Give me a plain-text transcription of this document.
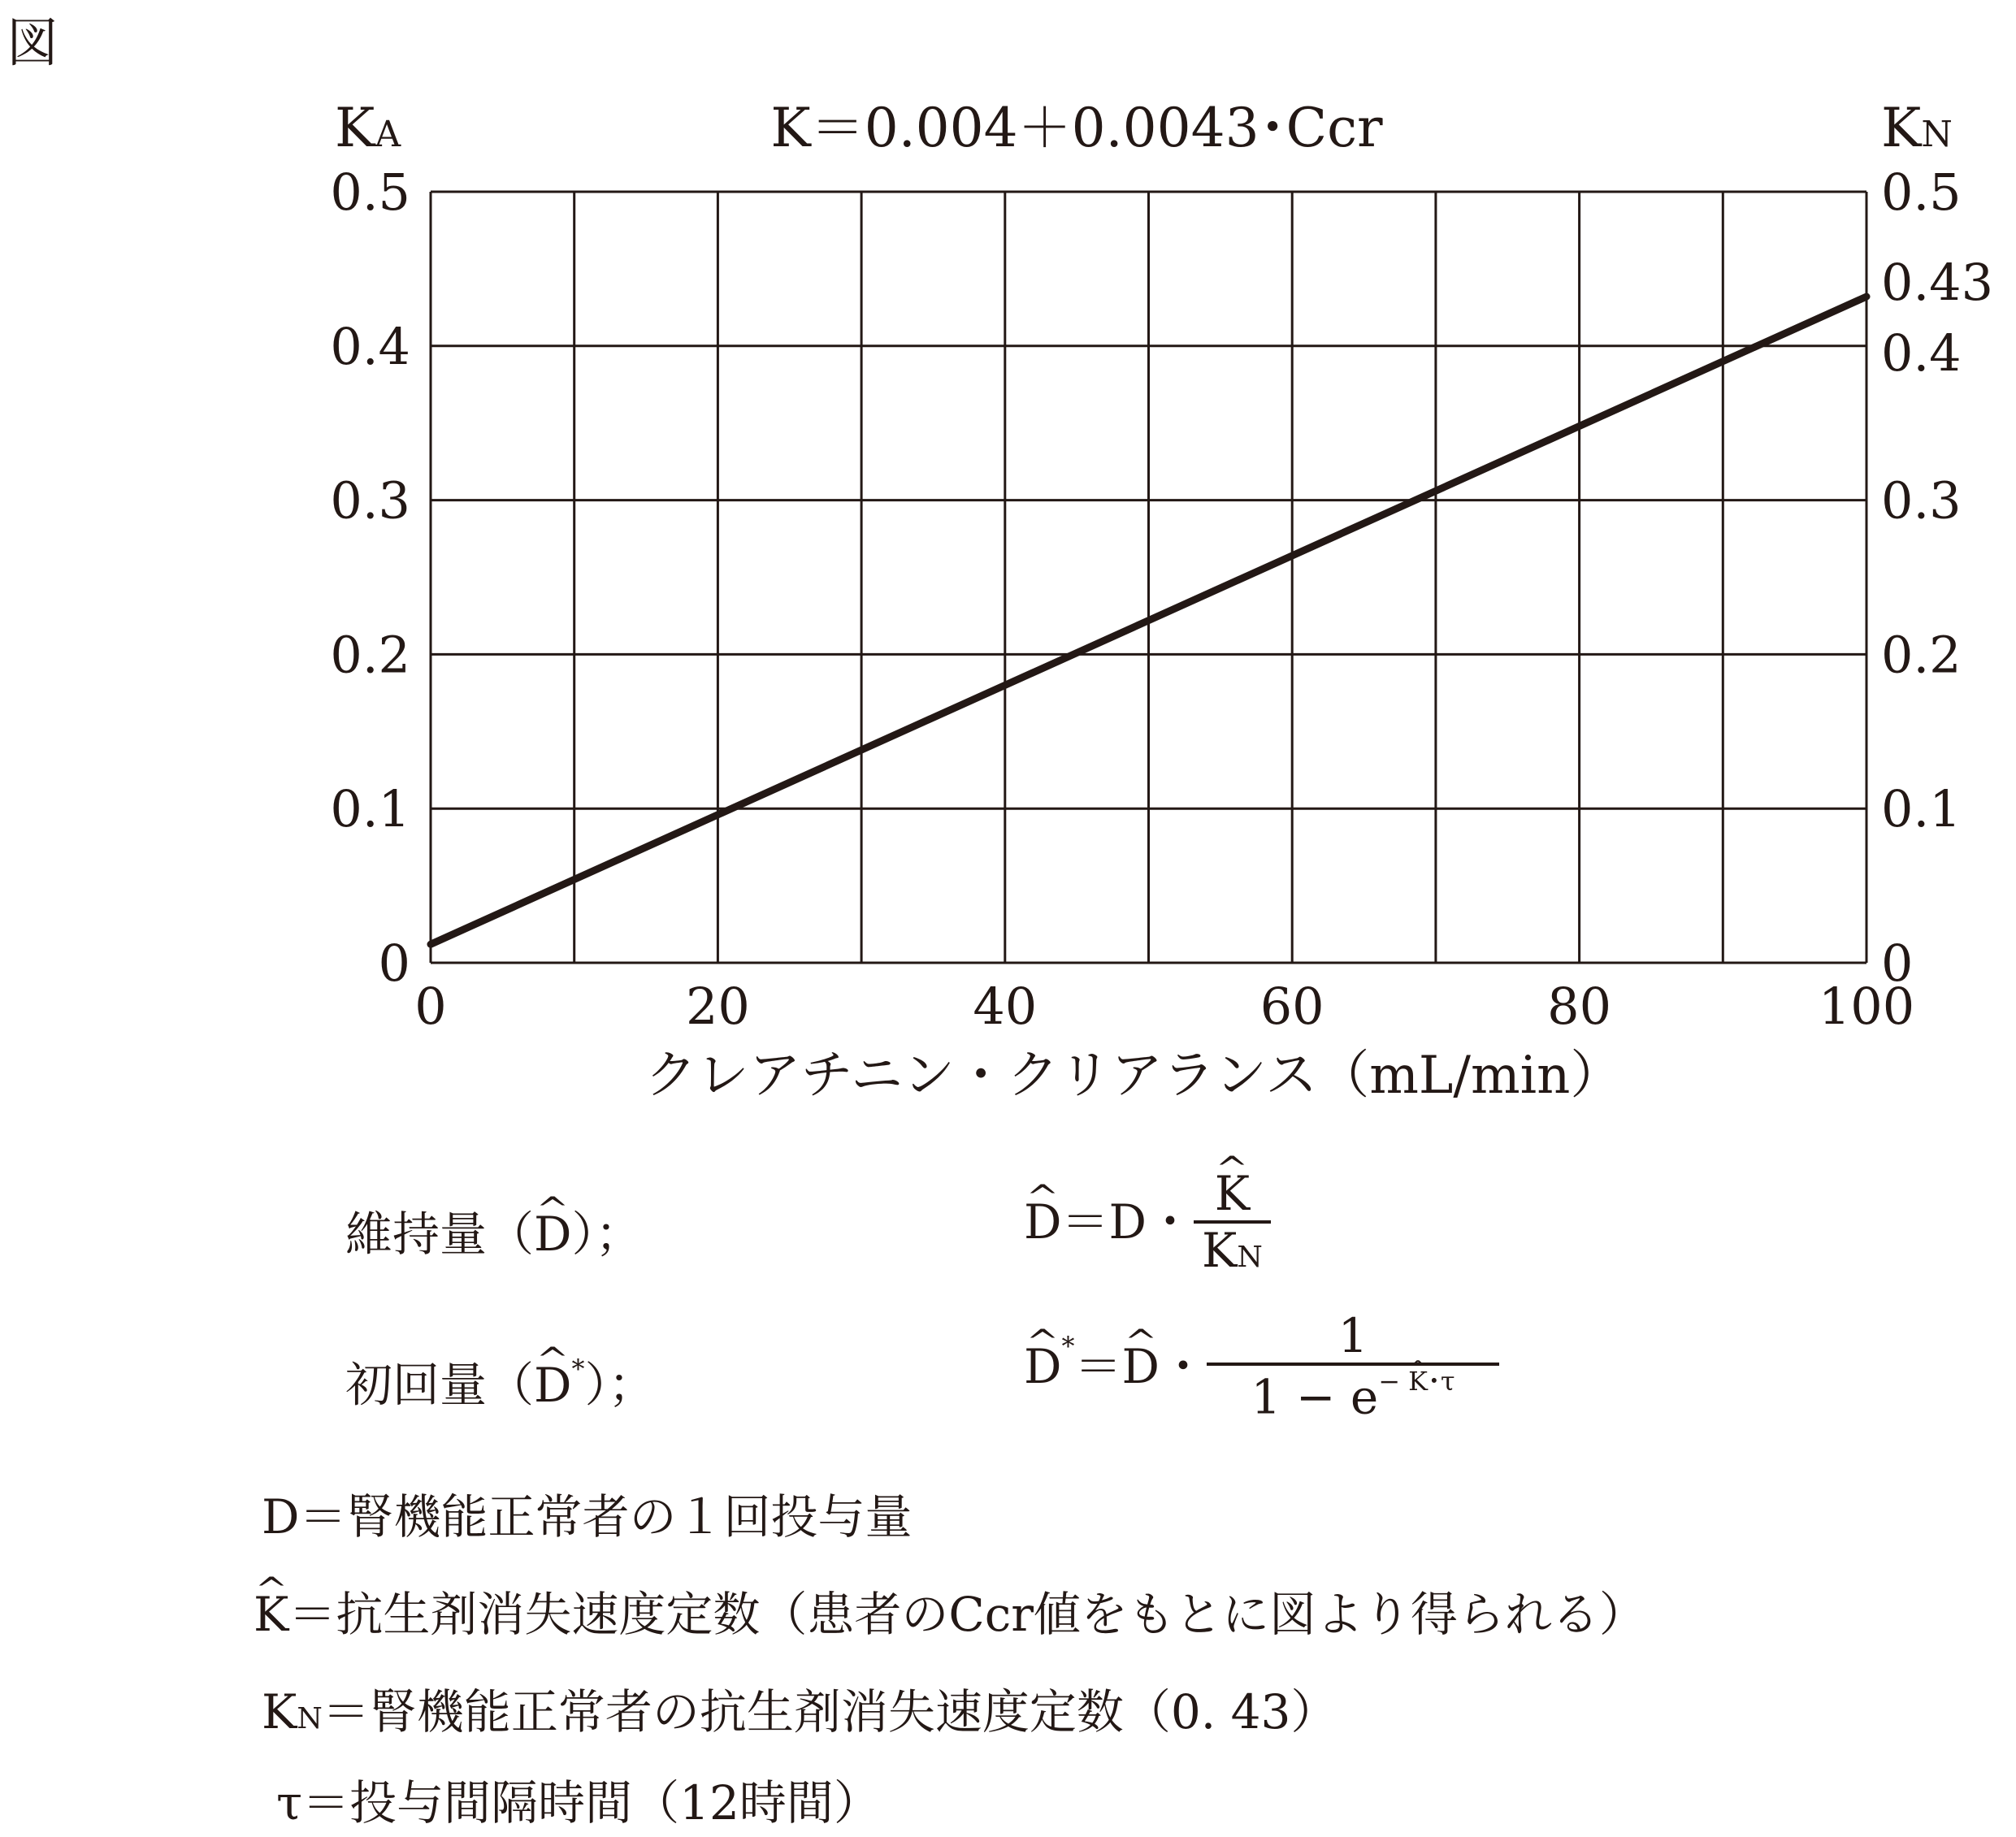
図
0	20	40	60	80	100
0
0.1
0.2
0.3
0.4
0.5
0
0.1
0.2
0.3
0.4
0.43
0.5
K＝0.004＋0.0043･Ccr
KA	KN
クレアチニン・クリアランス（mL/min）
維持量（^ D）；	^ D＝D・ ^ $\frac{K}{KN}$
初回量（^ D*）；	^ D*＝^ D・ $\frac{1}{1 - e^{- \^{} K･\tau}}$
D＝腎機能正常者の１回投与量
^ K＝抗生剤消失速度定数（患者のCcr値をもとに図より得られる）
KN＝腎機能正常者の抗生剤消失速度定数（0. 43）
τ＝投与間隔時間（12時間）
